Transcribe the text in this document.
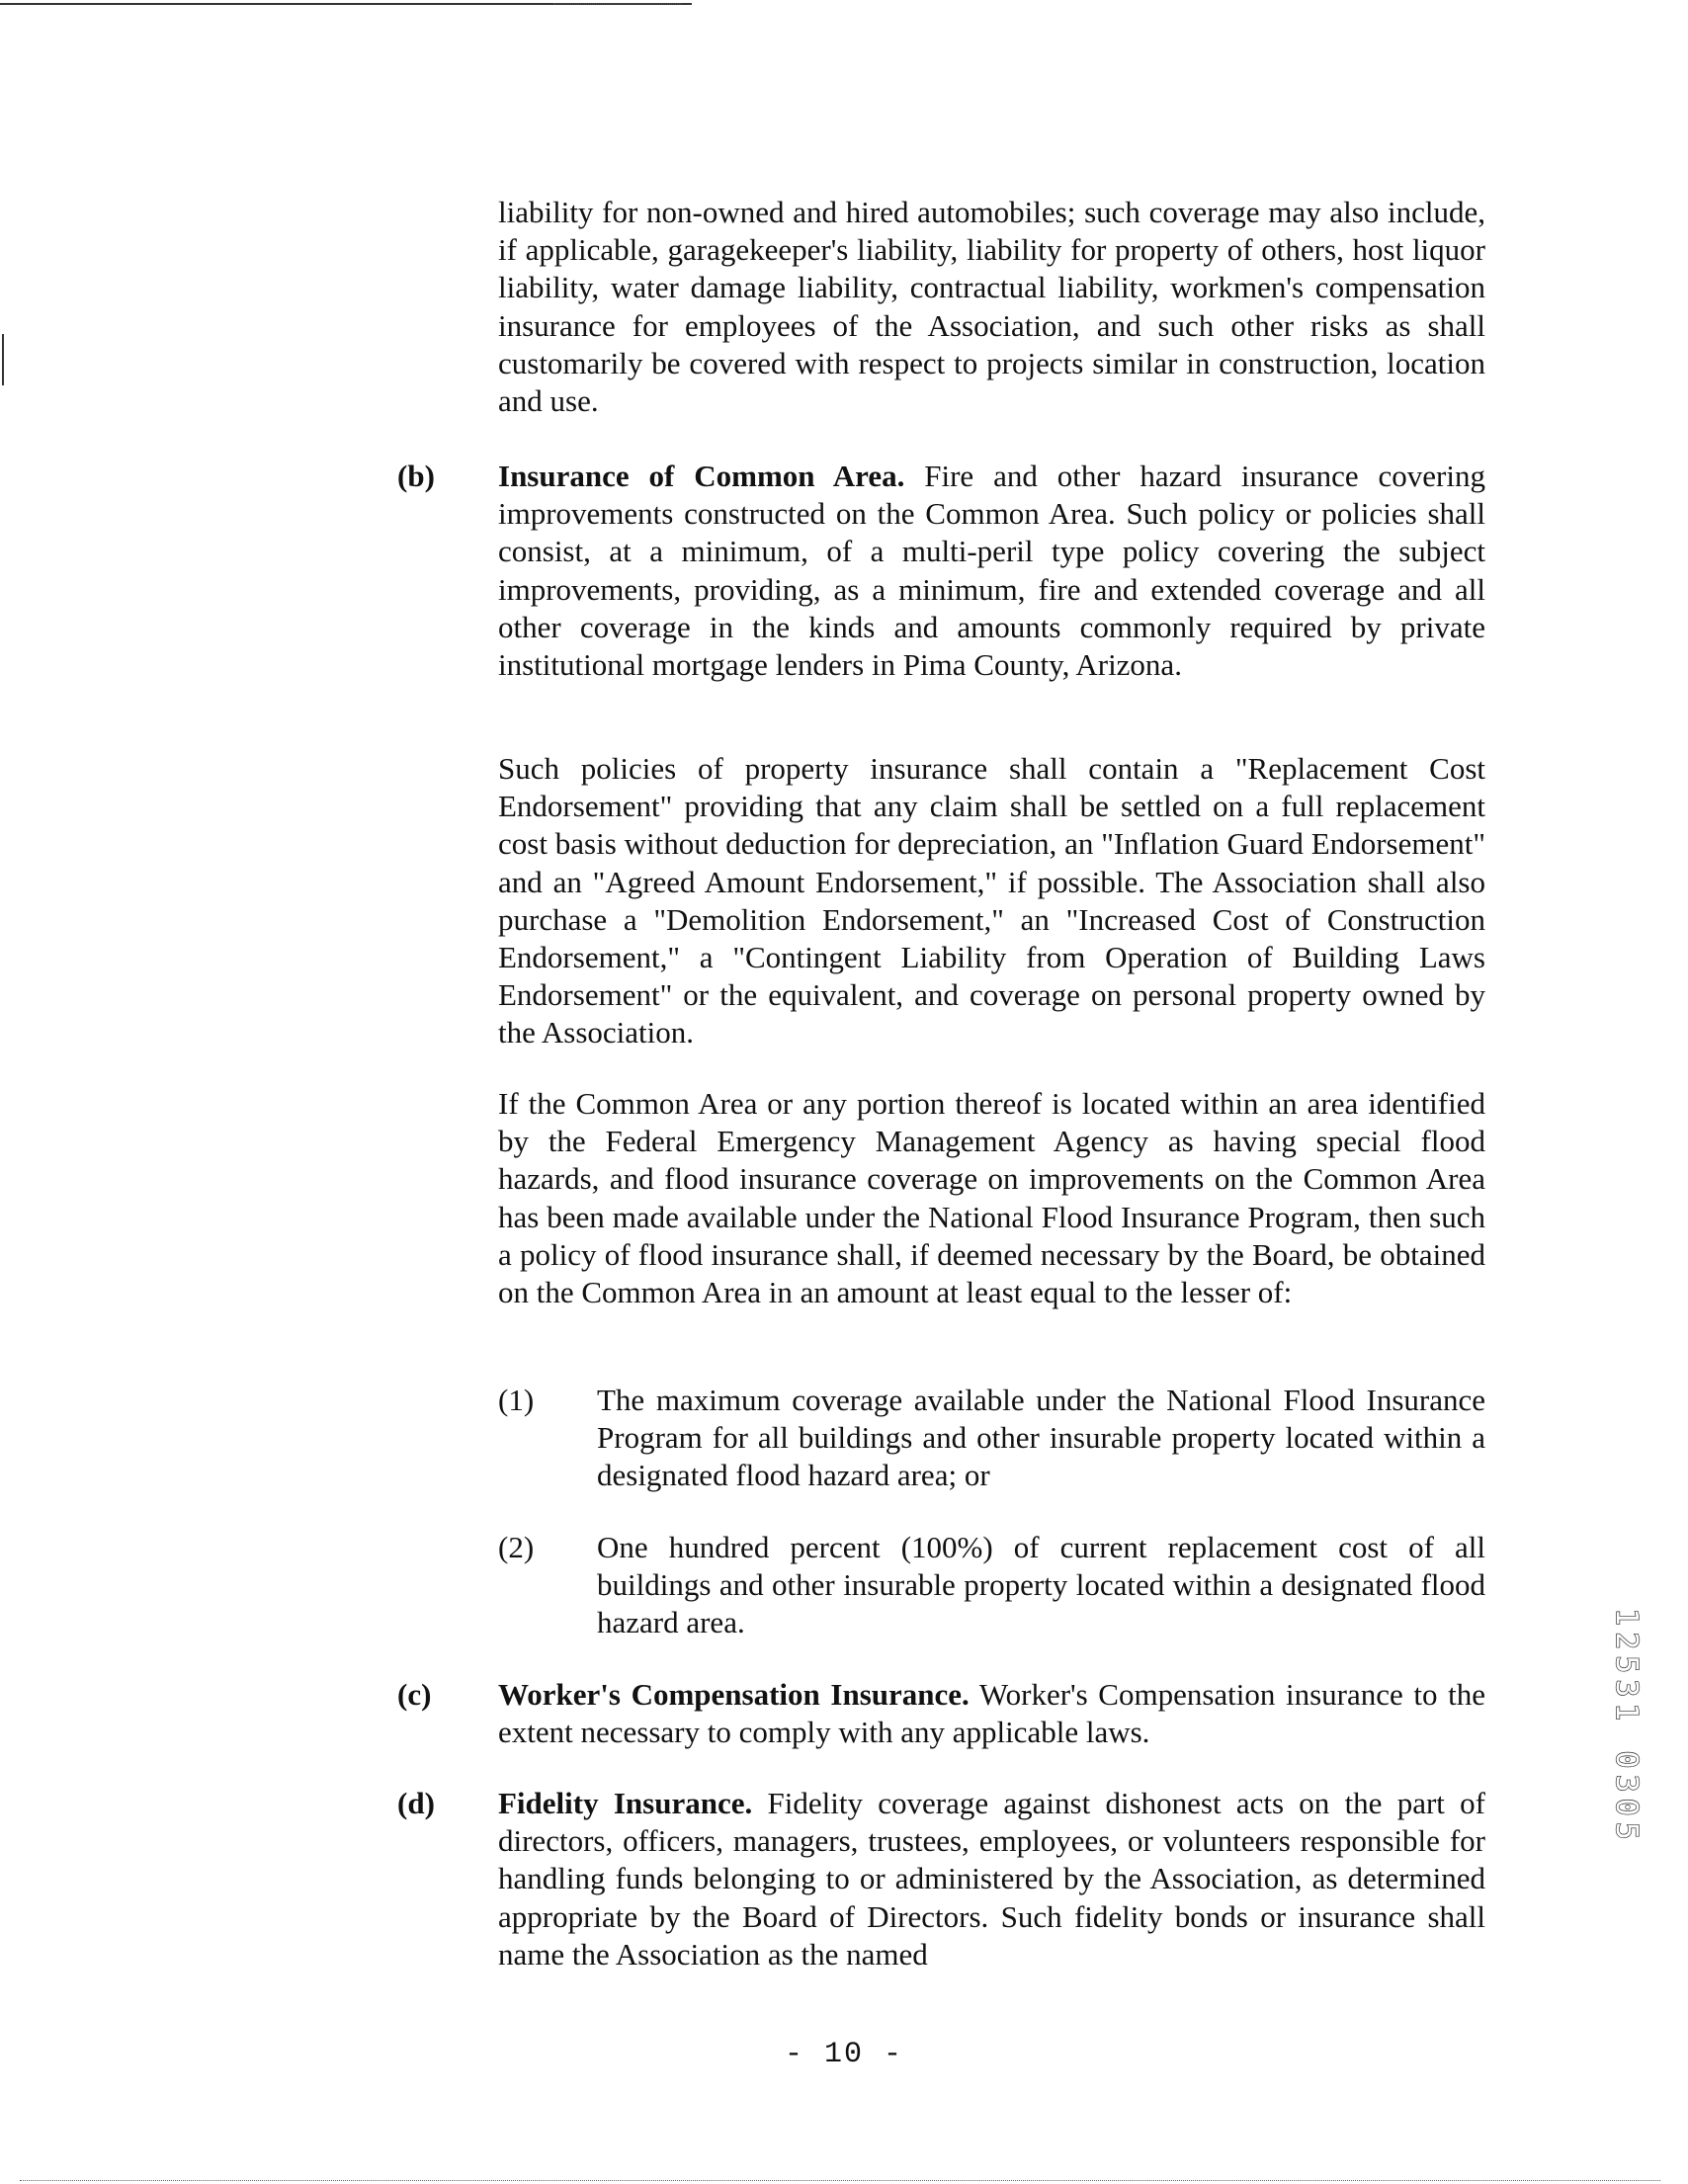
liability for non-owned and hired automobiles; such coverage may also include, if applicable, garagekeeper's liability, liability for property of others, host liquor liability, water damage liability, contractual liability, workmen's compensation insurance for employees of the Association, and such other risks as shall customarily be covered with respect to projects similar in construction, location and use.

(b) Insurance of Common Area. Fire and other hazard insurance covering improvements constructed on the Common Area. Such policy or policies shall consist, at a minimum, of a multi-peril type policy covering the subject improvements, providing, as a minimum, fire and extended coverage and all other coverage in the kinds and amounts commonly required by private institutional mortgage lenders in Pima County, Arizona.

Such policies of property insurance shall contain a "Replacement Cost Endorsement" providing that any claim shall be settled on a full replacement cost basis without deduction for depreciation, an "Inflation Guard Endorsement" and an "Agreed Amount Endorsement," if possible. The Association shall also purchase a "Demolition Endorsement," an "Increased Cost of Construction Endorsement," a "Contingent Liability from Operation of Building Laws Endorsement" or the equivalent, and coverage on personal property owned by the Association.

If the Common Area or any portion thereof is located within an area identified by the Federal Emergency Management Agency as having special flood hazards, and flood insurance coverage on improvements on the Common Area has been made available under the National Flood Insurance Program, then such a policy of flood insurance shall, if deemed necessary by the Board, be obtained on the Common Area in an amount at least equal to the lesser of:

(1) The maximum coverage available under the National Flood Insurance Program for all buildings and other insurable property located within a designated flood hazard area; or

(2) One hundred percent (100%) of current replacement cost of all buildings and other insurable property located within a designated flood hazard area.

(c) Worker's Compensation Insurance. Worker's Compensation insurance to the extent necessary to comply with any applicable laws.

(d) Fidelity Insurance. Fidelity coverage against dishonest acts on the part of directors, officers, managers, trustees, employees, or volunteers responsible for handling funds belonging to or administered by the Association, as determined appropriate by the Board of Directors. Such fidelity bonds or insurance shall name the Association as the named

- 10 -
12531 0305
